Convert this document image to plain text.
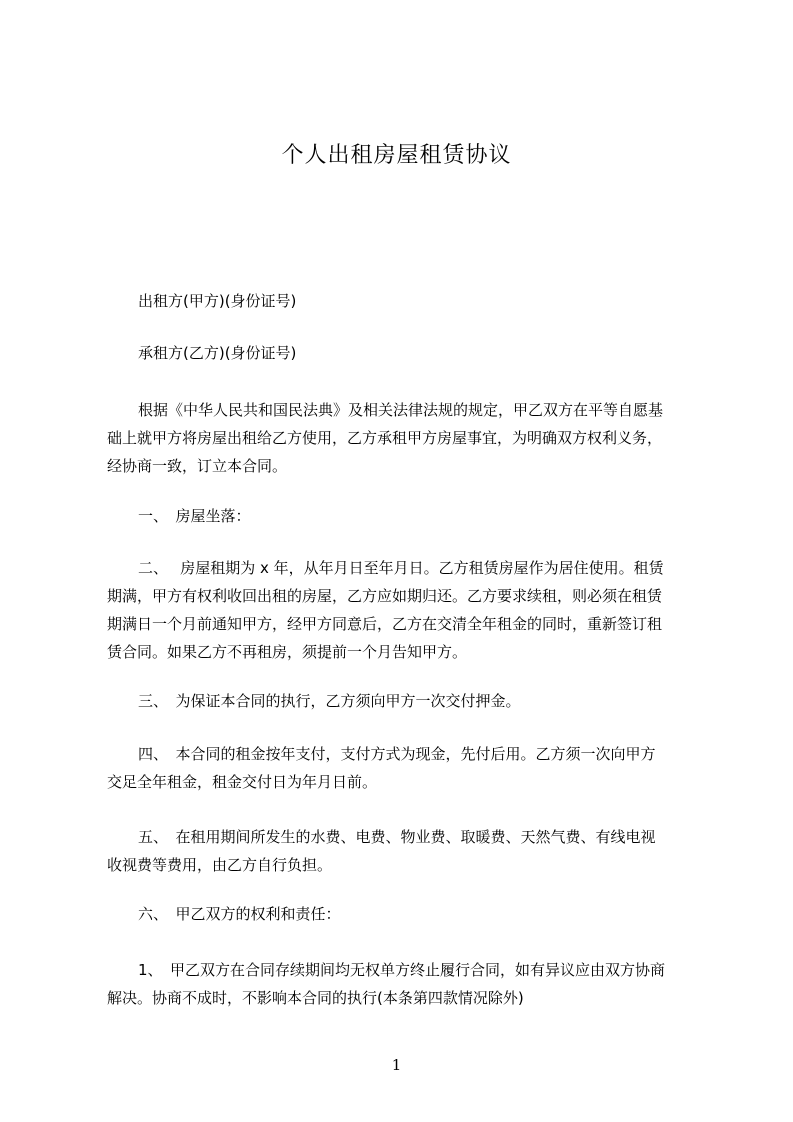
个人出租房屋租赁协议
出租方(甲方)(身份证号)
承租方(乙方)(身份证号)
根据《中华人民共和国民法典》及相关法律法规的规定，甲乙双方在平等自愿基
础上就甲方将房屋出租给乙方使用，乙方承租甲方房屋事宜，为明确双方权利义务，
经协商一致，订立本合同。
一、　房屋坐落：
二、　 房屋租期为 x 年，从年月日至年月日。乙方租赁房屋作为居住使用。租赁
期满，甲方有权利收回出租的房屋，乙方应如期归还。乙方要求续租，则必须在租赁
期满日一个月前通知甲方，经甲方同意后，乙方在交清全年租金的同时，重新签订租
赁合同。如果乙方不再租房，须提前一个月告知甲方。
三、　为保证本合同的执行，乙方须向甲方一次交付押金。
四、　本合同的租金按年支付，支付方式为现金，先付后用。乙方须一次向甲方
交足全年租金，租金交付日为年月日前。
五、　在租用期间所发生的水费、电费、物业费、取暖费、天然气费、有线电视
收视费等费用，由乙方自行负担。
六、　甲乙双方的权利和责任：
1、　甲乙双方在合同存续期间均无权单方终止履行合同，如有异议应由双方协商
解决。协商不成时，不影响本合同的执行(本条第四款情况除外)
1
